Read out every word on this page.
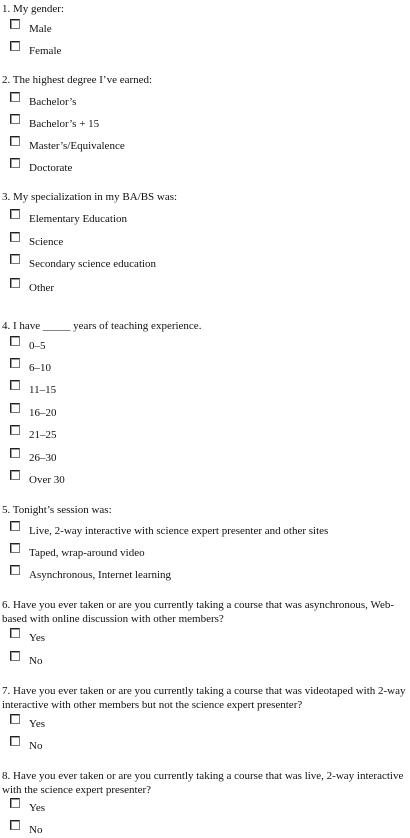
1. My gender:

Male
Female

2. The highest degree I’ve earned:

Bachelor’s
Bachelor’s + 15
Master’s/Equivalence
Doctorate

3. My specialization in my BA/BS was:

Elementary Education
Science
Secondary science education
Other

4. I have _____ years of teaching experience.

0–5
6–10
11–15
16–20
21–25
26–30
Over 30

5. Tonight’s session was:

Live, 2-way interactive with science expert presenter and other sites
Taped, wrap-around video
Asynchronous, Internet learning

6. Have you ever taken or are you currently taking a course that was asynchronous, Web-based with online discussion with other members?

Yes
No

7. Have you ever taken or are you currently taking a course that was videotaped with 2-way interactive with other members but not the science expert presenter?

Yes
No

8. Have you ever taken or are you currently taking a course that was live, 2-way interactive with the science expert presenter?

Yes
No
